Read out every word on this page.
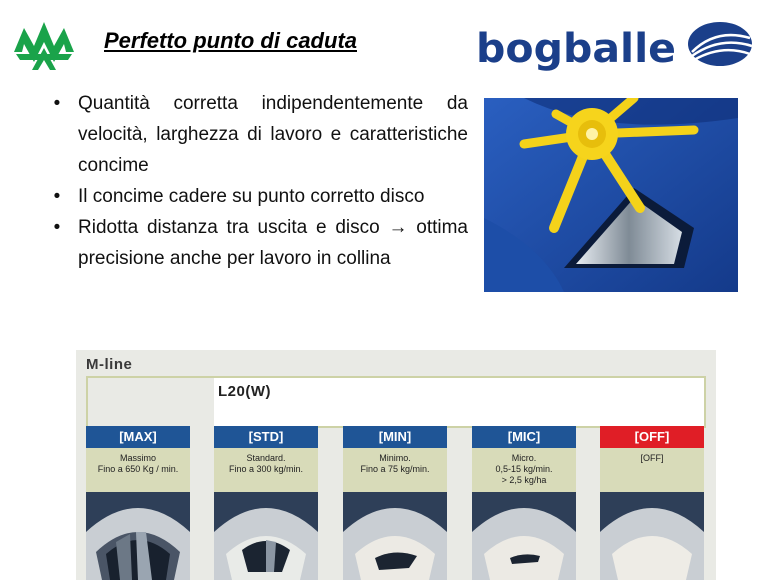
Perfetto punto di caduta	bogballe
• Quantità corretta indipendentemente da velocità, larghezza di lavoro e caratteristiche concime
• Il concime cadere su punto corretto disco
• Ridotta distanza tra uscita e disco → ottima precisione anche per lavoro in collina
M-line
L20(W)
[MAX]
Massimo
Fino a 650 Kg / min.
[STD]
Standard.
Fino a 300 kg/min.
[MIN]
Minimo.
Fino a 75 kg/min.
[MIC]
Micro.
0,5-15 kg/min.
> 2,5 kg/ha
[OFF]
[OFF]
